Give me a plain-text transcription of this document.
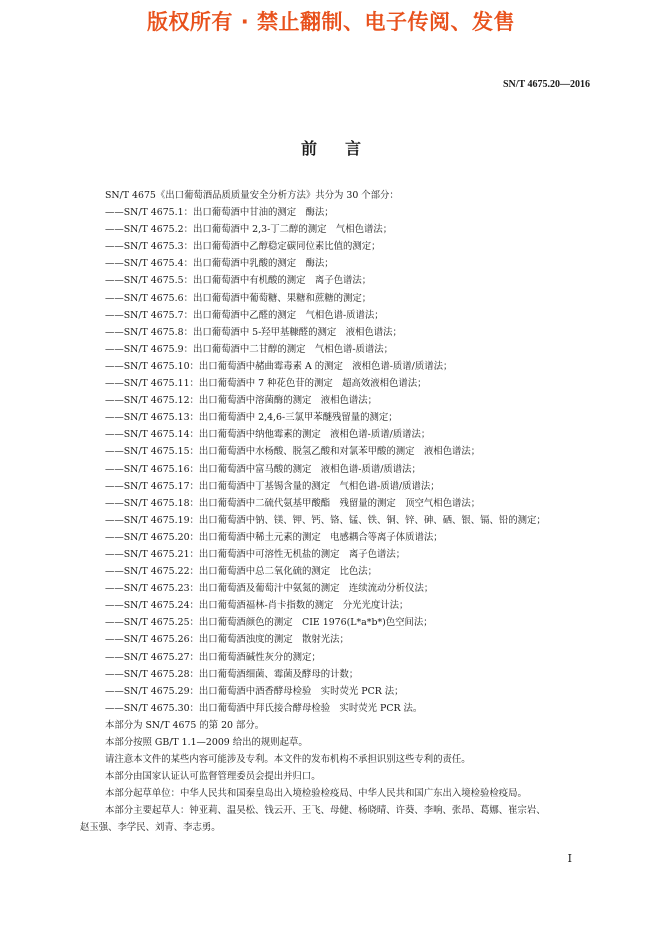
版权所有 · 禁止翻制、电子传阅、发售
SN/T 4675.20—2016
前言
SN/T 4675《出口葡萄酒品质质量安全分析方法》共分为 30 个部分：
——SN/T 4675.1：出口葡萄酒中甘油的测定　酶法；
——SN/T 4675.2：出口葡萄酒中 2,3-丁二醇的测定　气相色谱法；
——SN/T 4675.3：出口葡萄酒中乙醇稳定碳同位素比值的测定；
——SN/T 4675.4：出口葡萄酒中乳酸的测定　酶法；
——SN/T 4675.5：出口葡萄酒中有机酸的测定　离子色谱法；
——SN/T 4675.6：出口葡萄酒中葡萄糖、果糖和蔗糖的测定；
——SN/T 4675.7：出口葡萄酒中乙醛的测定　气相色谱-质谱法；
——SN/T 4675.8：出口葡萄酒中 5-羟甲基糠醛的测定　液相色谱法；
——SN/T 4675.9：出口葡萄酒中二甘醇的测定　气相色谱-质谱法；
——SN/T 4675.10：出口葡萄酒中赭曲霉毒素 A 的测定　液相色谱-质谱/质谱法；
——SN/T 4675.11：出口葡萄酒中 7 种花色苷的测定　超高效液相色谱法；
——SN/T 4675.12：出口葡萄酒中溶菌酶的测定　液相色谱法；
——SN/T 4675.13：出口葡萄酒中 2,4,6-三氯甲苯醚残留量的测定；
——SN/T 4675.14：出口葡萄酒中纳他霉素的测定　液相色谱-质谱/质谱法；
——SN/T 4675.15：出口葡萄酒中水杨酸、脱氢乙酸和对氯苯甲酸的测定　液相色谱法；
——SN/T 4675.16：出口葡萄酒中富马酸的测定　液相色谱-质谱/质谱法；
——SN/T 4675.17：出口葡萄酒中丁基锡含量的测定　气相色谱-质谱/质谱法；
——SN/T 4675.18：出口葡萄酒中二硫代氨基甲酸酯　残留量的测定　顶空气相色谱法；
——SN/T 4675.19：出口葡萄酒中钠、镁、钾、钙、铬、锰、铁、铜、锌、砷、硒、银、镉、铅的测定；
——SN/T 4675.20：出口葡萄酒中稀土元素的测定　电感耦合等离子体质谱法；
——SN/T 4675.21：出口葡萄酒中可溶性无机盐的测定　离子色谱法；
——SN/T 4675.22：出口葡萄酒中总二氧化硫的测定　比色法；
——SN/T 4675.23：出口葡萄酒及葡萄汁中氨氮的测定　连续流动分析仪法；
——SN/T 4675.24：出口葡萄酒福林-肖卡指数的测定　分光光度计法；
——SN/T 4675.25：出口葡萄酒颜色的测定　CIE 1976(L*a*b*)色空间法；
——SN/T 4675.26：出口葡萄酒浊度的测定　散射光法；
——SN/T 4675.27：出口葡萄酒碱性灰分的测定；
——SN/T 4675.28：出口葡萄酒细菌、霉菌及酵母的计数；
——SN/T 4675.29：出口葡萄酒中酒香酵母检验　实时荧光 PCR 法；
——SN/T 4675.30：出口葡萄酒中拜氏接合酵母检验　实时荧光 PCR 法。
本部分为 SN/T 4675 的第 20 部分。
本部分按照 GB/T 1.1—2009 给出的规则起草。
请注意本文件的某些内容可能涉及专利。本文件的发布机构不承担识别这些专利的责任。
本部分由国家认证认可监督管理委员会提出并归口。
本部分起草单位：中华人民共和国秦皇岛出入境检验检疫局、中华人民共和国广东出入境检验检疫局。
本部分主要起草人：钟亚莉、温昊松、钱云开、王飞、母健、杨晓晴、许葵、李响、张昂、葛娜、崔宗岩、
赵玉强、李学民、刘青、李志勇。
I
